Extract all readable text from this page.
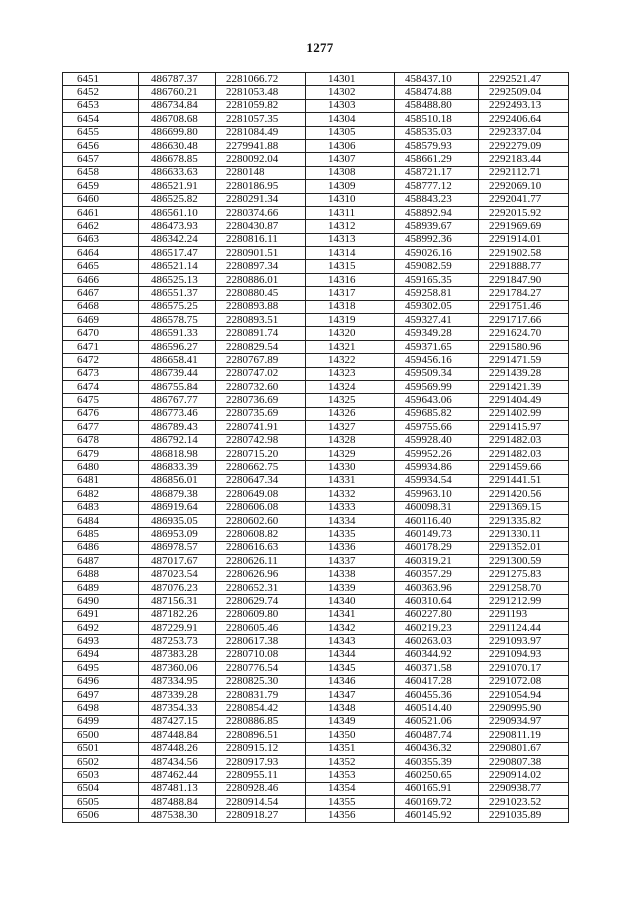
1277
6451	486787.37	2281066.72	14301	458437.10	2292521.47
6452	486760.21	2281053.48	14302	458474.88	2292509.04
6453	486734.84	2281059.82	14303	458488.80	2292493.13
6454	486708.68	2281057.35	14304	458510.18	2292406.64
6455	486699.80	2281084.49	14305	458535.03	2292337.04
6456	486630.48	2279941.88	14306	458579.93	2292279.09
6457	486678.85	2280092.04	14307	458661.29	2292183.44
6458	486633.63	2280148	14308	458721.17	2292112.71
6459	486521.91	2280186.95	14309	458777.12	2292069.10
6460	486525.82	2280291.34	14310	458843.23	2292041.77
6461	486561.10	2280374.66	14311	458892.94	2292015.92
6462	486473.93	2280430.87	14312	458939.67	2291969.69
6463	486342.24	2280816.11	14313	458992.36	2291914.01
6464	486517.47	2280901.51	14314	459026.16	2291902.58
6465	486521.14	2280897.34	14315	459082.59	2291888.77
6466	486525.13	2280886.01	14316	459165.35	2291847.90
6467	486551.37	2280880.45	14317	459258.81	2291784.27
6468	486575.25	2280893.88	14318	459302.05	2291751.46
6469	486578.75	2280893.51	14319	459327.41	2291717.66
6470	486591.33	2280891.74	14320	459349.28	2291624.70
6471	486596.27	2280829.54	14321	459371.65	2291580.96
6472	486658.41	2280767.89	14322	459456.16	2291471.59
6473	486739.44	2280747.02	14323	459509.34	2291439.28
6474	486755.84	2280732.60	14324	459569.99	2291421.39
6475	486767.77	2280736.69	14325	459643.06	2291404.49
6476	486773.46	2280735.69	14326	459685.82	2291402.99
6477	486789.43	2280741.91	14327	459755.66	2291415.97
6478	486792.14	2280742.98	14328	459928.40	2291482.03
6479	486818.98	2280715.20	14329	459952.26	2291482.03
6480	486833.39	2280662.75	14330	459934.86	2291459.66
6481	486856.01	2280647.34	14331	459934.54	2291441.51
6482	486879.38	2280649.08	14332	459963.10	2291420.56
6483	486919.64	2280606.08	14333	460098.31	2291369.15
6484	486935.05	2280602.60	14334	460116.40	2291335.82
6485	486953.09	2280608.82	14335	460149.73	2291330.11
6486	486978.57	2280616.63	14336	460178.29	2291352.01
6487	487017.67	2280626.11	14337	460319.21	2291300.59
6488	487023.54	2280626.96	14338	460357.29	2291275.83
6489	487076.23	2280652.31	14339	460363.96	2291258.70
6490	487156.31	2280629.74	14340	460310.64	2291212.99
6491	487182.26	2280609.80	14341	460227.80	2291193
6492	487229.91	2280605.46	14342	460219.23	2291124.44
6493	487253.73	2280617.38	14343	460263.03	2291093.97
6494	487383.28	2280710.08	14344	460344.92	2291094.93
6495	487360.06	2280776.54	14345	460371.58	2291070.17
6496	487334.95	2280825.30	14346	460417.28	2291072.08
6497	487339.28	2280831.79	14347	460455.36	2291054.94
6498	487354.33	2280854.42	14348	460514.40	2290995.90
6499	487427.15	2280886.85	14349	460521.06	2290934.97
6500	487448.84	2280896.51	14350	460487.74	2290811.19
6501	487448.26	2280915.12	14351	460436.32	2290801.67
6502	487434.56	2280917.93	14352	460355.39	2290807.38
6503	487462.44	2280955.11	14353	460250.65	2290914.02
6504	487481.13	2280928.46	14354	460165.91	2290938.77
6505	487488.84	2280914.54	14355	460169.72	2291023.52
6506	487538.30	2280918.27	14356	460145.92	2291035.89
